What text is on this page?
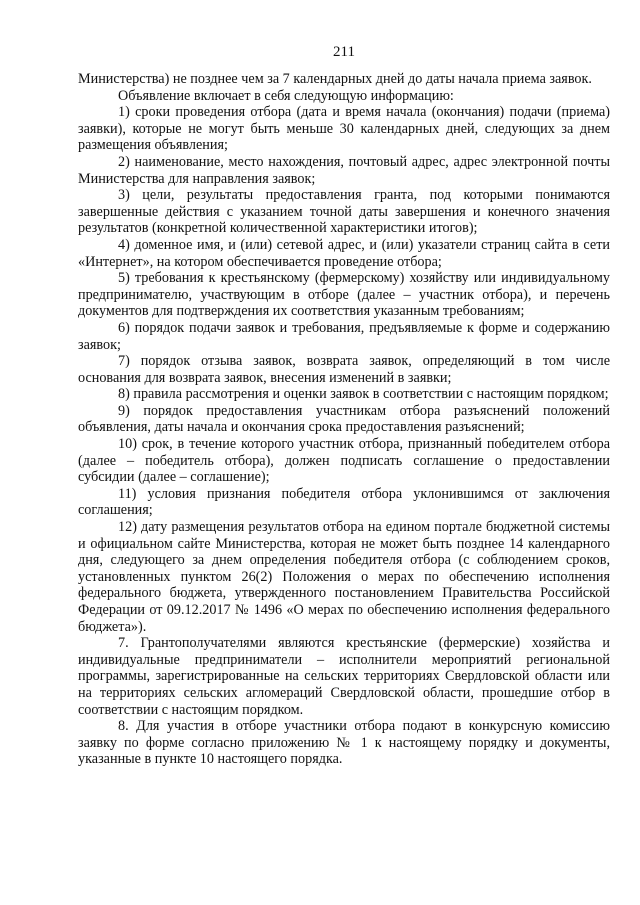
211

Министерства) не позднее чем за 7 календарных дней до даты начала приема заявок.

Объявление включает в себя следующую информацию:

1) сроки проведения отбора (дата и время начала (окончания) подачи (приема) заявки), которые не могут быть меньше 30 календарных дней, следующих за днем размещения объявления;

2) наименование, место нахождения, почтовый адрес, адрес электронной почты Министерства для направления заявок;

3) цели, результаты предоставления гранта, под которыми понимаются завершенные действия с указанием точной даты завершения и конечного значения результатов (конкретной количественной характеристики итогов);

4) доменное имя, и (или) сетевой адрес, и (или) указатели страниц сайта в сети «Интернет», на котором обеспечивается проведение отбора;

5) требования к крестьянскому (фермерскому) хозяйству или индивидуальному предпринимателю, участвующим в отборе (далее – участник отбора), и перечень документов для подтверждения их соответствия указанным требованиям;

6) порядок подачи заявок и требования, предъявляемые к форме и содержанию заявок;

7) порядок отзыва заявок, возврата заявок, определяющий в том числе основания для возврата заявок, внесения изменений в заявки;

8) правила рассмотрения и оценки заявок в соответствии с настоящим порядком;

9) порядок предоставления участникам отбора разъяснений положений объявления, даты начала и окончания срока предоставления разъяснений;

10) срок, в течение которого участник отбора, признанный победителем отбора (далее – победитель отбора), должен подписать соглашение о предоставлении субсидии (далее – соглашение);

11) условия признания победителя отбора уклонившимся от заключения соглашения;

12) дату размещения результатов отбора на едином портале бюджетной системы и официальном сайте Министерства, которая не может быть позднее 14 календарного дня, следующего за днем определения победителя отбора (с соблюдением сроков, установленных пунктом 26(2) Положения о мерах по обеспечению исполнения федерального бюджета, утвержденного постановлением Правительства Российской Федерации от 09.12.2017 № 1496 «О мерах по обеспечению исполнения федерального бюджета»).

7. Грантополучателями являются крестьянские (фермерские) хозяйства и индивидуальные предприниматели – исполнители мероприятий региональной программы, зарегистрированные на сельских территориях Свердловской области или на территориях сельских агломераций Свердловской области, прошедшие отбор в соответствии с настоящим порядком.

8. Для участия в отборе участники отбора подают в конкурсную комиссию заявку по форме согласно приложению № 1 к настоящему порядку и документы, указанные в пункте 10 настоящего порядка.
